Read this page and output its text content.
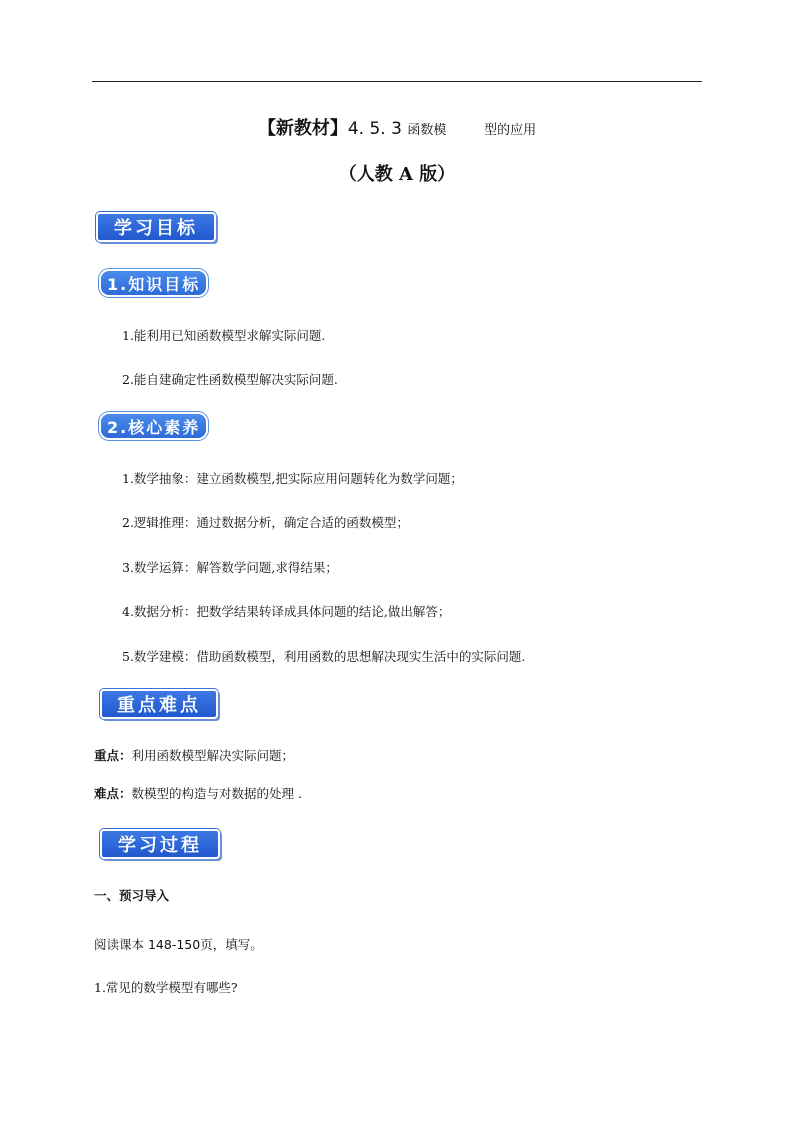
【新教材】4. 5. 3 函数模	型的应用
（人教 A 版）
学习目标
1.知识目标
1.能利用已知函数模型求解实际问题.
2.能自建确定性函数模型解决实际问题.
2.核心素养
1.数学抽象：建立函数模型,把实际应用问题转化为数学问题；
2.逻辑推理：通过数据分析，确定合适的函数模型；
3.数学运算：解答数学问题,求得结果；
4.数据分析：把数学结果转译成具体问题的结论,做出解答；
5.数学建模：借助函数模型，利用函数的思想解决现实生活中的实际问题.
重点难点
重点：利用函数模型解决实际问题；
难点：数模型的构造与对数据的处理 .
学习过程
一、预习导入
阅读课本 148-150页，填写。
1.常见的数学模型有哪些?
